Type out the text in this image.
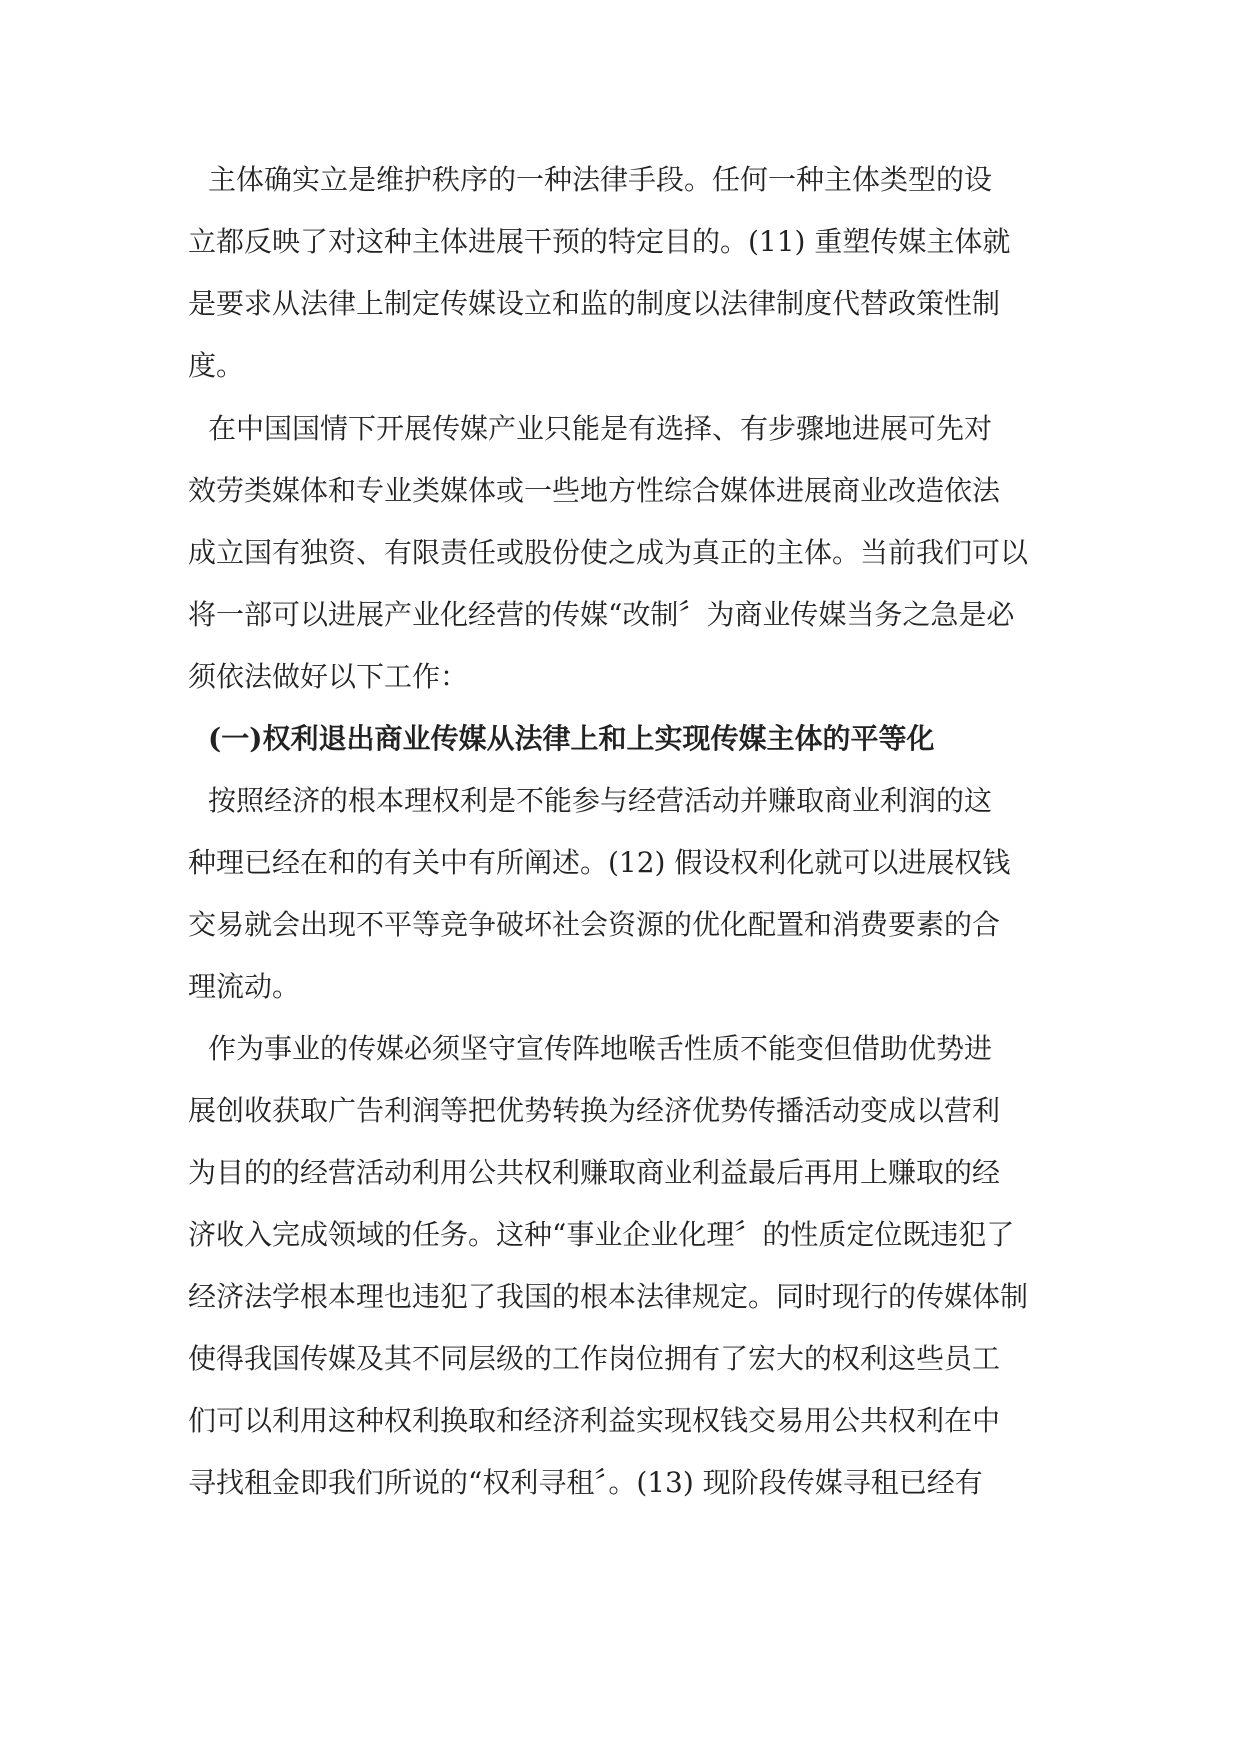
主体确实立是维护秩序的一种法律手段。任何一种主体类型的设
立都反映了对这种主体进展干预的特定目的。(11) 重塑传媒主体就
是要求从法律上制定传媒设立和监的制度以法律制度代替政策性制
度。
在中国国情下开展传媒产业只能是有选择、有步骤地进展可先对
效劳类媒体和专业类媒体或一些地方性综合媒体进展商业改造依法
成立国有独资、有限责任或股份使之成为真正的主体。当前我们可以
将一部可以进展产业化经营的传媒“改制〞为商业传媒当务之急是必
须依法做好以下工作：
(一)权利退出商业传媒从法律上和上实现传媒主体的平等化
按照经济的根本理权利是不能参与经营活动并赚取商业利润的这
种理已经在和的有关中有所阐述。(12) 假设权利化就可以进展权钱
交易就会出现不平等竞争破坏社会资源的优化配置和消费要素的合
理流动。
作为事业的传媒必须坚守宣传阵地喉舌性质不能变但借助优势进
展创收获取广告利润等把优势转换为经济优势传播活动变成以营利
为目的的经营活动利用公共权利赚取商业利益最后再用上赚取的经
济收入完成领域的任务。这种“事业企业化理〞的性质定位既违犯了
经济法学根本理也违犯了我国的根本法律规定。同时现行的传媒体制
使得我国传媒及其不同层级的工作岗位拥有了宏大的权利这些员工
们可以利用这种权利换取和经济利益实现权钱交易用公共权利在中
寻找租金即我们所说的“权利寻租〞。(13) 现阶段传媒寻租已经有
